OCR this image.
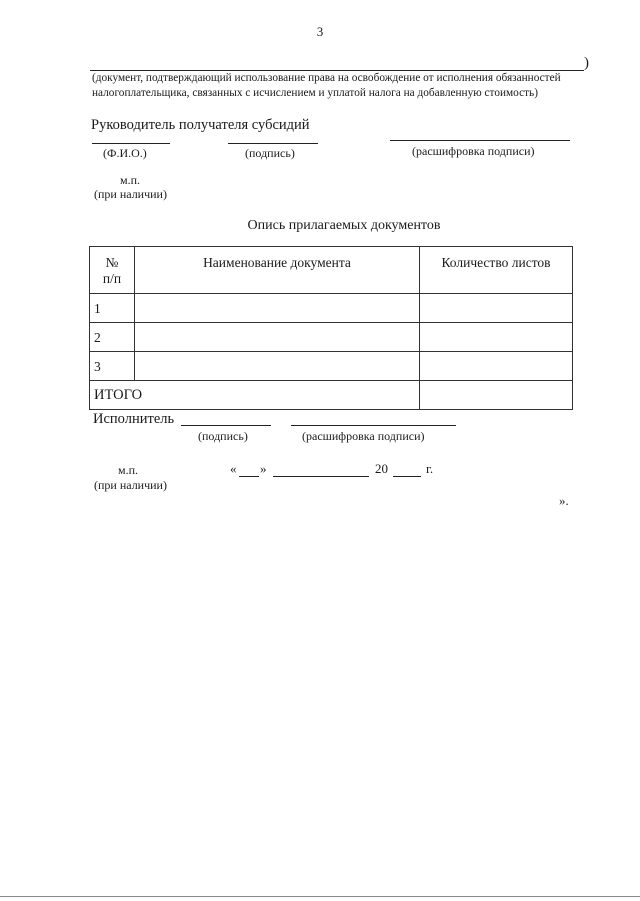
3
)
(документ, подтверждающий использование права на освобождение от исполнения обязанностей
налогоплательщика, связанных с исчислением и уплатой налога на добавленную стоимость)
Руководитель получателя субсидий
(Ф.И.О.)	(подпись)	(расшифровка подписи)
м.п.
(при наличии)
Опись прилагаемых документов
№
п/п	Наименование документа	Количество листов
1		
2		
3		
ИТОГО		
Исполнитель
(подпись)	(расшифровка подписи)
м.п.
(при наличии)
« »	20	г.
».
